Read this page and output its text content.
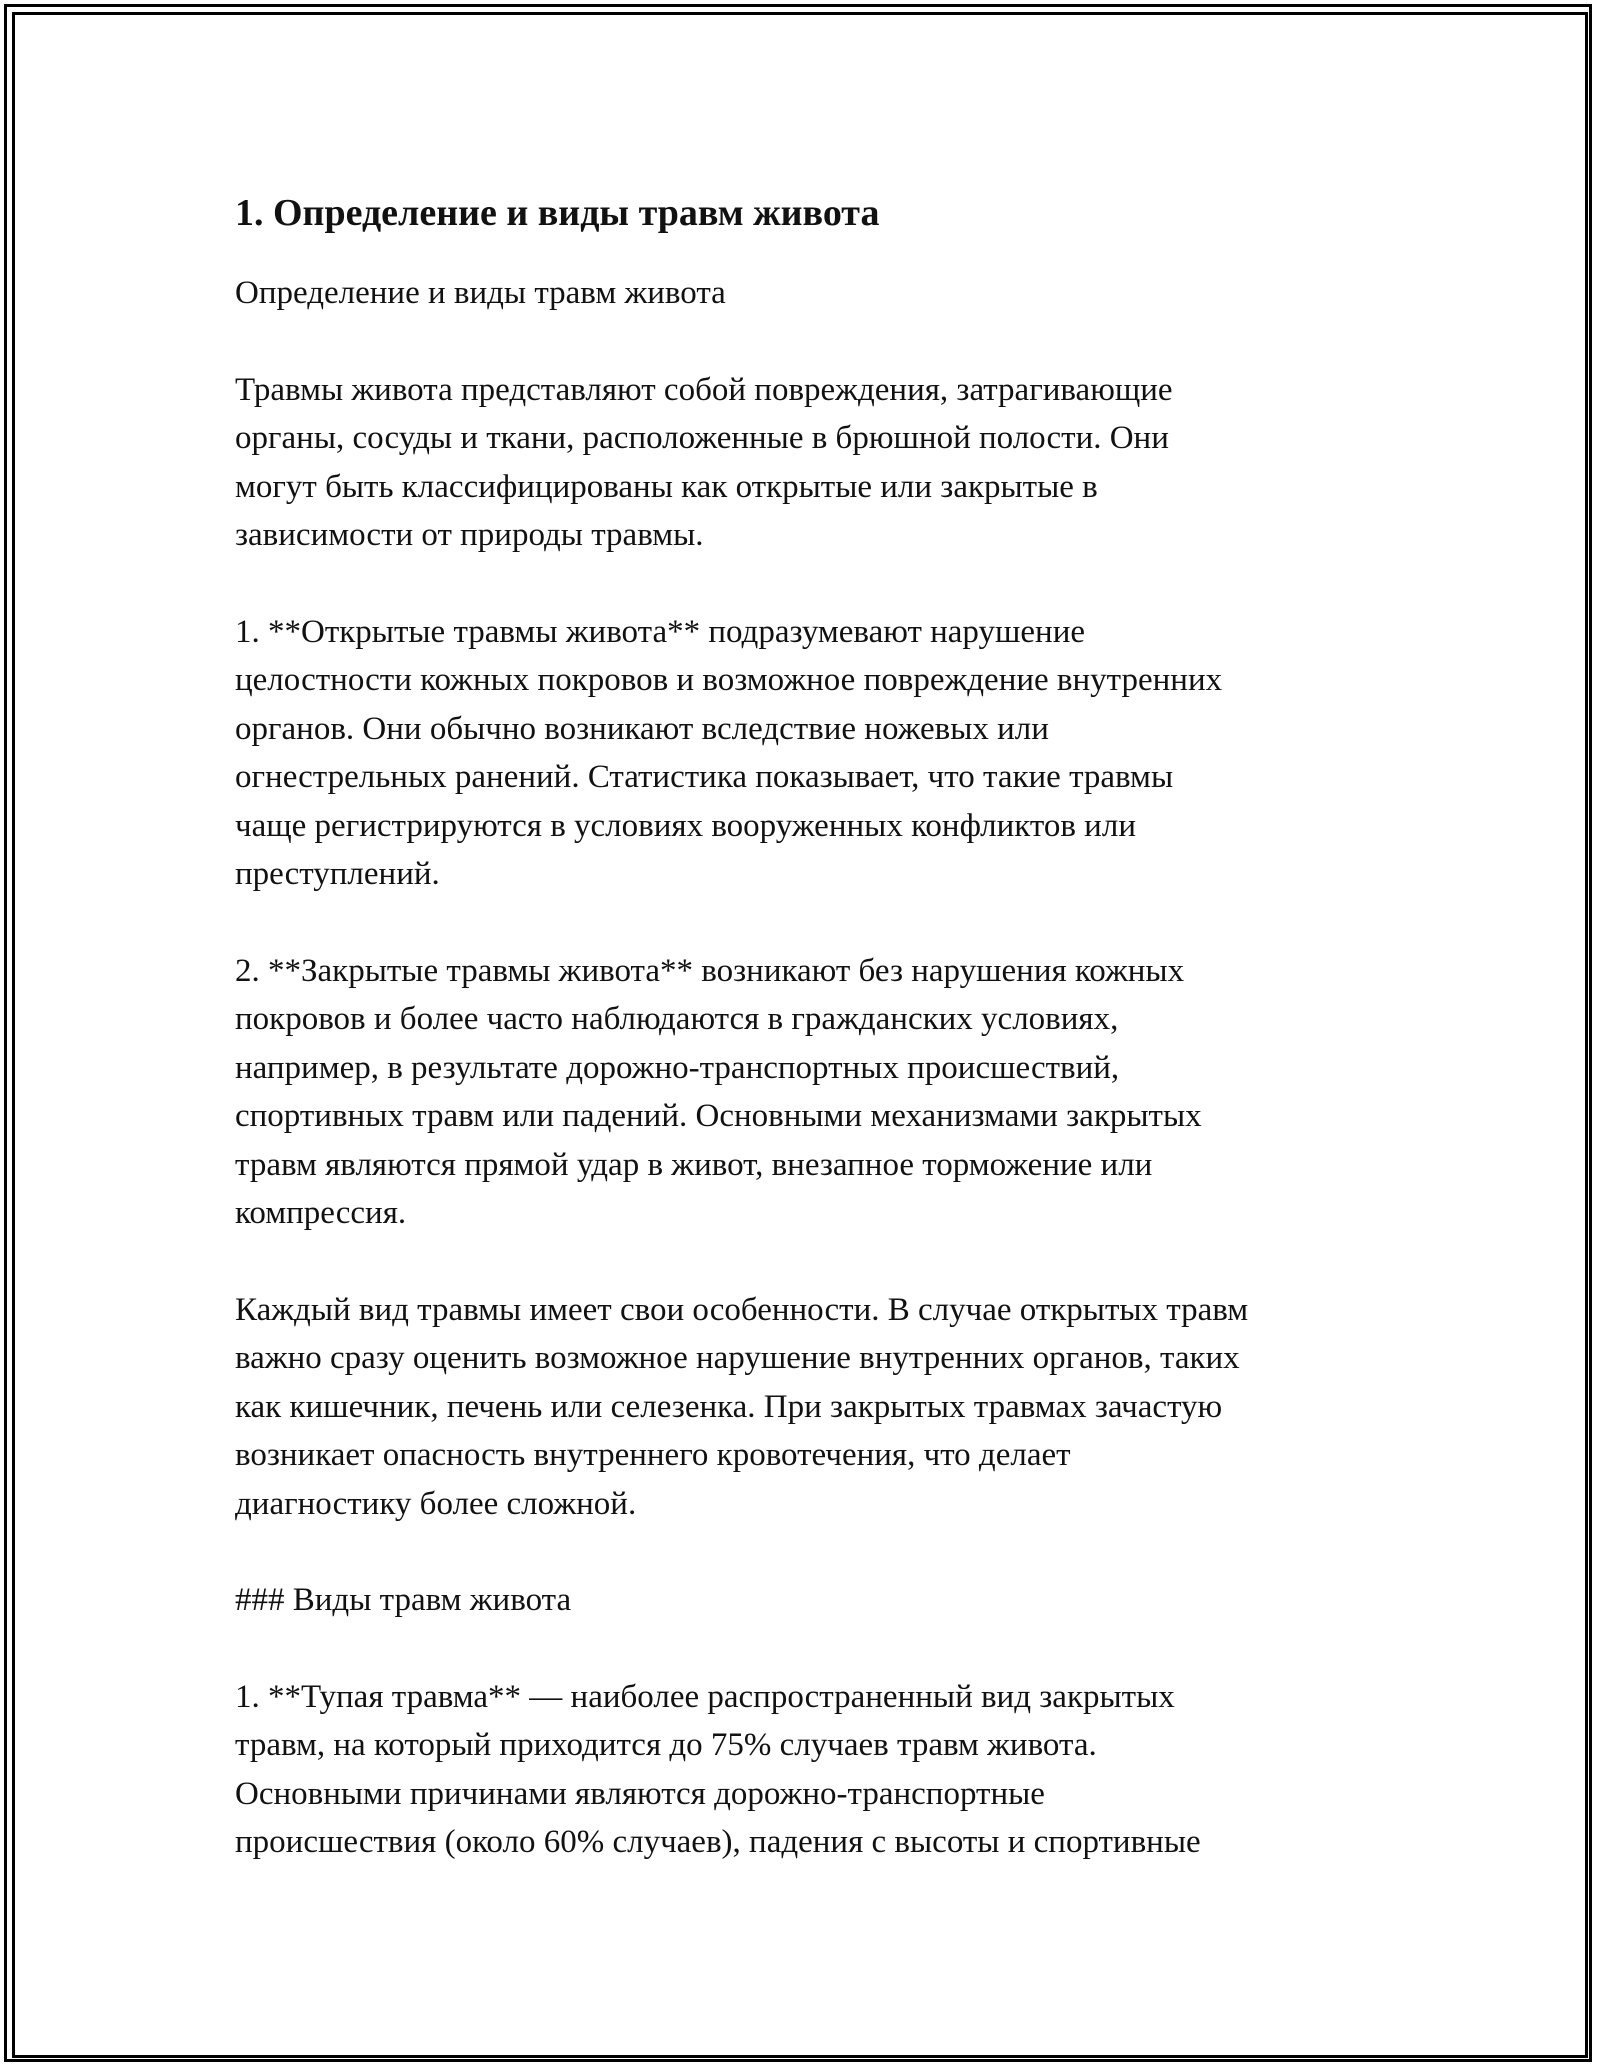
1. Определение и виды травм живота

Определение и виды травм живота

Травмы живота представляют собой повреждения, затрагивающие
органы, сосуды и ткани, расположенные в брюшной полости. Они
могут быть классифицированы как открытые или закрытые в
зависимости от природы травмы.

1. **Открытые травмы живота** подразумевают нарушение
целостности кожных покровов и возможное повреждение внутренних
органов. Они обычно возникают вследствие ножевых или
огнестрельных ранений. Статистика показывает, что такие травмы
чаще регистрируются в условиях вооруженных конфликтов или
преступлений.

2. **Закрытые травмы живота** возникают без нарушения кожных
покровов и более часто наблюдаются в гражданских условиях,
например, в результате дорожно-транспортных происшествий,
спортивных травм или падений. Основными механизмами закрытых
травм являются прямой удар в живот, внезапное торможение или
компрессия.

Каждый вид травмы имеет свои особенности. В случае открытых травм
важно сразу оценить возможное нарушение внутренних органов, таких
как кишечник, печень или селезенка. При закрытых травмах зачастую
возникает опасность внутреннего кровотечения, что делает
диагностику более сложной.

### Виды травм живота

1. **Тупая травма** — наиболее распространенный вид закрытых
травм, на который приходится до 75% случаев травм живота.
Основными причинами являются дорожно-транспортные
происшествия (около 60% случаев), падения с высоты и спортивные
